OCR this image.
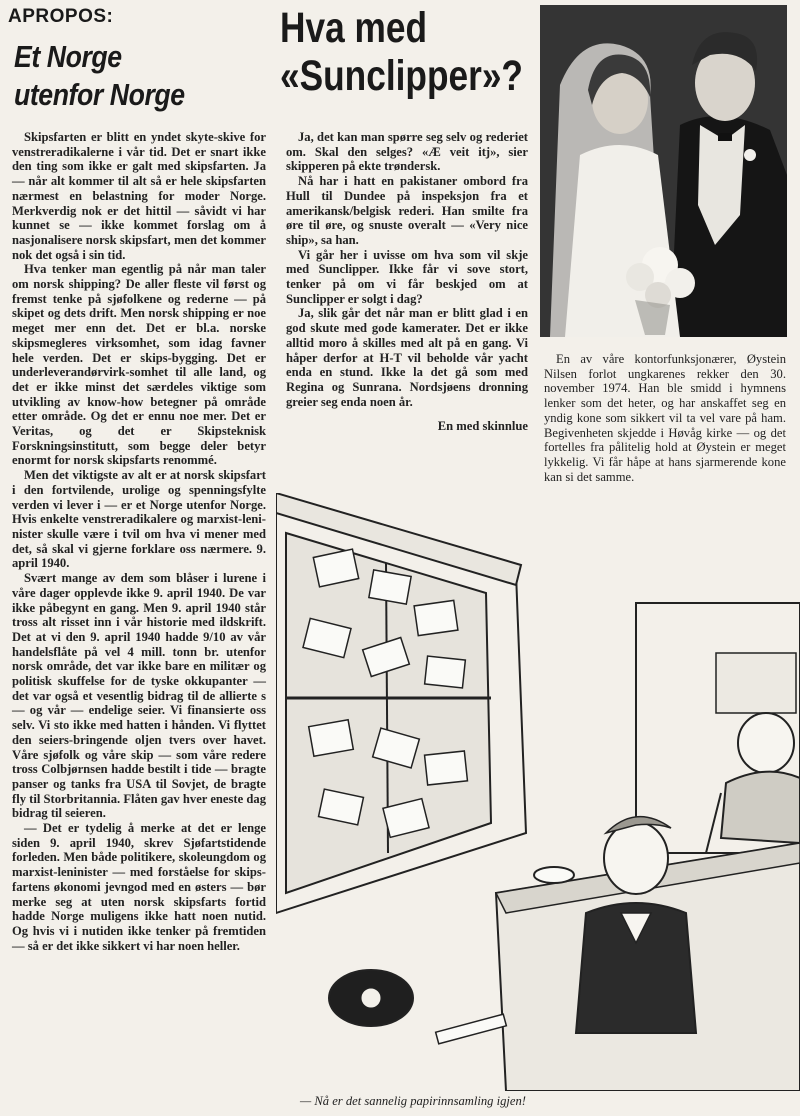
APROPOS:
Et Norge
utenfor Norge

Skipsfarten er blitt en yndet skyte-skive for venstreradikalerne i vår tid. Det er snart ikke den ting som ikke er galt med skipsfarten. Ja — når alt kommer til alt så er hele skipsfarten nærmest en belastning for moder Norge. Merkverdig nok er det hittil — såvidt vi har kunnet se — ikke kommet forslag om å nasjonalisere norsk skipsfart, men det kommer nok det også i sin tid.

Hva tenker man egentlig på når man taler om norsk shipping? De aller fleste vil først og fremst tenke på sjøfolkene og rederne — på skipet og dets drift. Men norsk shipping er noe meget mer enn det. Det er bl.a. norske skipsmegleres virksomhet, som idag favner hele verden. Det er skips-bygging. Det er underleverandørvirk-somhet til alle land, og det er ikke minst det særdeles viktige som utvikling av know-how betegner på område etter område. Og det er ennu noe mer. Det er Veritas, og det er Skipsteknisk Forskningsinstitutt, som begge deler betyr enormt for norsk skipsfarts renommé.

Men det viktigste av alt er at norsk skipsfart i den fortvilende, urolige og spenningsfylte verden vi lever i — er et Norge utenfor Norge. Hvis enkelte venstreradikalere og marxist-leni-nister skulle være i tvil om hva vi mener med det, så skal vi gjerne forklare oss nærmere. 9. april 1940.

Svært mange av dem som blåser i lurene i våre dager opplevde ikke 9. april 1940. De var ikke påbegynt en gang. Men 9. april 1940 står tross alt risset inn i vår historie med ildskrift. Det at vi den 9. april 1940 hadde 9/10 av vår handelsflåte på vel 4 mill. tonn br. utenfor norsk område, det var ikke bare en militær og politisk skuffelse for de tyske okkupanter — det var også et vesentlig bidrag til de allierte s — og vår — endelige seier. Vi finansierte oss selv. Vi sto ikke med hatten i hånden. Vi flyttet den seiers-bringende oljen tvers over havet. Våre sjøfolk og våre skip — som våre redere tross Colbjørnsen hadde bestilt i tide — bragte panser og tanks fra USA til Sovjet, de bragte fly til Storbritannia. Flåten gav hver eneste dag bidrag til seieren.

— Det er tydelig å merke at det er lenge siden 9. april 1940, skrev Sjøfartstidende forleden. Men både politikere, skoleungdom og marxist-leninister — med forståelse for skips-fartens økonomi jevngod med en østers — bør merke seg at uten norsk skipsfarts fortid hadde Norge muligens ikke hatt noen nutid. Og hvis vi i nutiden ikke tenker på fremtiden — så er det ikke sikkert vi har noen heller.

Hva med
«Sunclipper»?

Ja, det kan man spørre seg selv og rederiet om. Skal den selges? «Æ veit itj», sier skipperen på ekte trøndersk.

Nå har i hatt en pakistaner ombord fra Hull til Dundee på inspeksjon fra et amerikansk/belgisk rederi. Han smilte fra øre til øre, og snuste overalt — «Very nice ship», sa han.

Vi går her i uvisse om hva som vil skje med Sunclipper. Ikke får vi sove stort, tenker på om vi får beskjed om at Sunclipper er solgt i dag?

Ja, slik går det når man er blitt glad i en god skute med gode kamerater. Det er ikke alltid moro å skilles med alt på en gang. Vi håper derfor at H-T vil beholde vår yacht enda en stund. Ikke la det gå som med Regina og Sunrana. Nordsjøens dronning greier seg enda noen år.

En med skinnlue

En av våre kontorfunksjonærer, Øystein Nilsen forlot ungkarenes rekker den 30. november 1974. Han ble smidd i hymnens lenker som det heter, og har anskaffet seg en yndig kone som sikkert vil ta vel vare på ham. Begivenheten skjedde i Høvåg kirke — og det fortelles fra pålitelig hold at Øystein er meget lykkelig. Vi får håpe at hans sjarmerende kone kan si det samme.

— Nå er det sannelig papirinnsamling igjen!
